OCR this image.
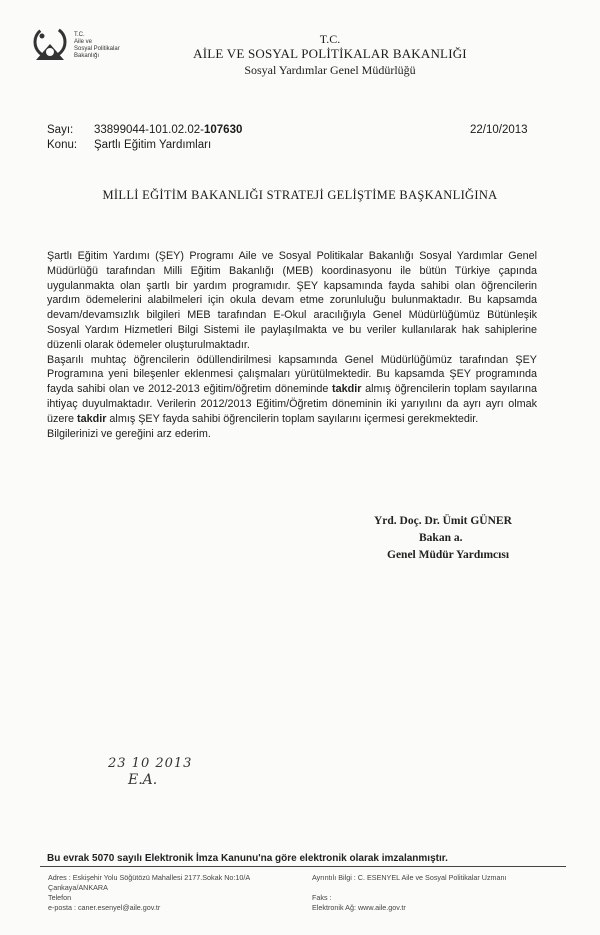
T.C.
Aile ve
Sosyal Politikalar
Bakanlığı
T.C.
AİLE VE SOSYAL POLİTİKALAR BAKANLIĞI
Sosyal Yardımlar Genel Müdürlüğü
Sayı: 33899044-101.02.02-107630
Konu: Şartlı Eğitim Yardımları
22/10/2013
MİLLİ EĞİTİM BAKANLIĞI STRATEJİ GELİŞTİME BAŞKANLIĞINA

Şartlı Eğitim Yardımı (ŞEY) Programı Aile ve Sosyal Politikalar Bakanlığı Sosyal Yardımlar Genel Müdürlüğü tarafından Milli Eğitim Bakanlığı (MEB) koordinasyonu ile bütün Türkiye çapında uygulanmakta olan şartlı bir yardım programıdır. ŞEY kapsamında fayda sahibi olan öğrencilerin yardım ödemelerini alabilmeleri için okula devam etme zorunluluğu bulunmaktadır. Bu kapsamda devam/devamsızlık bilgileri MEB tarafından E-Okul aracılığıyla Genel Müdürlüğümüz Bütünleşik Sosyal Yardım Hizmetleri Bilgi Sistemi ile paylaşılmakta ve bu veriler kullanılarak hak sahiplerine düzenli olarak ödemeler oluşturulmaktadır.

Başarılı muhtaç öğrencilerin ödüllendirilmesi kapsamında Genel Müdürlüğümüz tarafından ŞEY Programına yeni bileşenler eklenmesi çalışmaları yürütülmektedir. Bu kapsamda ŞEY programında fayda sahibi olan ve 2012-2013 eğitim/öğretim döneminde takdir almış öğrencilerin toplam sayılarına ihtiyaç duyulmaktadır. Verilerin 2012/2013 Eğitim/Öğretim döneminin iki yarıyılını da ayrı ayrı olmak üzere takdir almış ŞEY fayda sahibi öğrencilerin toplam sayılarını içermesi gerekmektedir.

Bilgilerinizi ve gereğini arz ederim.

Yrd. Doç. Dr. Ümit GÜNER
Bakan a.
Genel Müdür Yardımcısı
23 10 2013
E.A.
Bu evrak 5070 sayılı Elektronik İmza Kanunu'na göre elektronik olarak imzalanmıştır.
Adres : Eskişehir Yolu Söğütözü Mahallesi 2177.Sokak No:10/A
Çankaya/ANKARA
Telefon
e-posta : caner.esenyel@aile.gov.tr
Ayrıntılı Bilgi : C. ESENYEL Aile ve Sosyal Politikalar Uzmanı

Faks :
Elektronik Ağ: www.aile.gov.tr
